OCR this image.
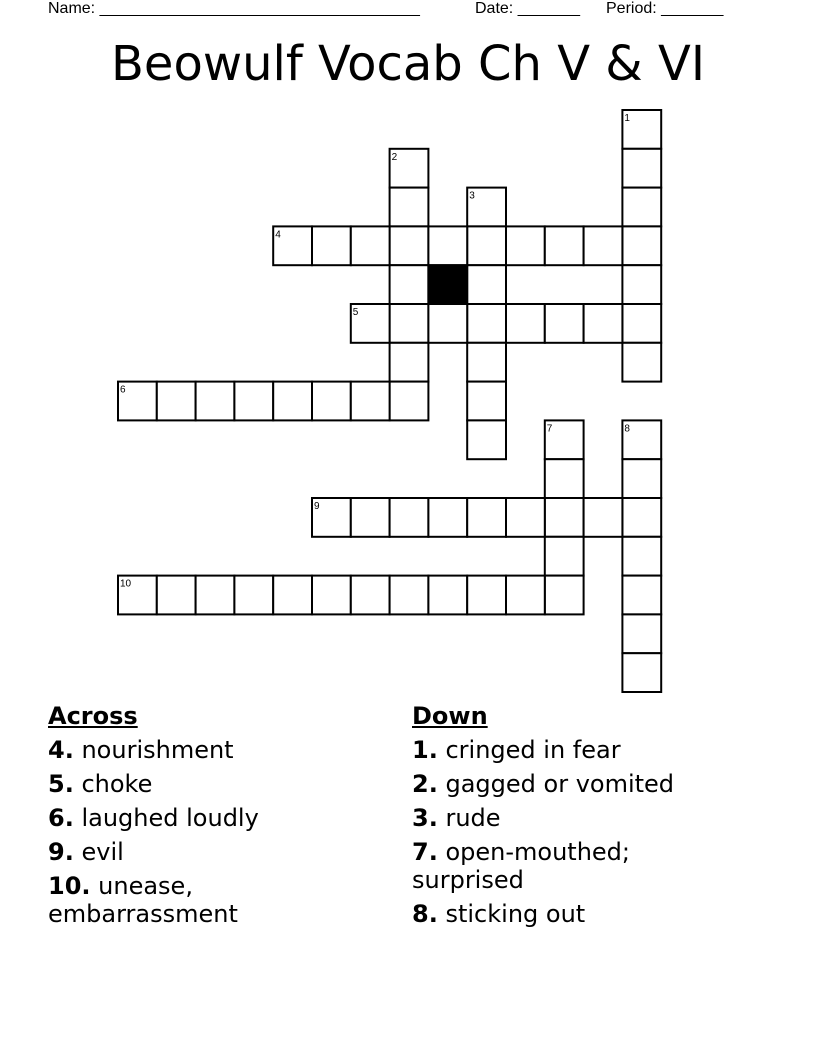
Name: ____________________________________	Date: _______ Period: _______
Beowulf Vocab Ch V & VI
1
2
3
4
5
6
7	8
9
10
Across
4. nourishment
5. choke
6. laughed loudly
9. evil
10. unease, embarrassment
Down
1. cringed in fear
2. gagged or vomited
3. rude
7. open-mouthed; surprised
8. sticking out
